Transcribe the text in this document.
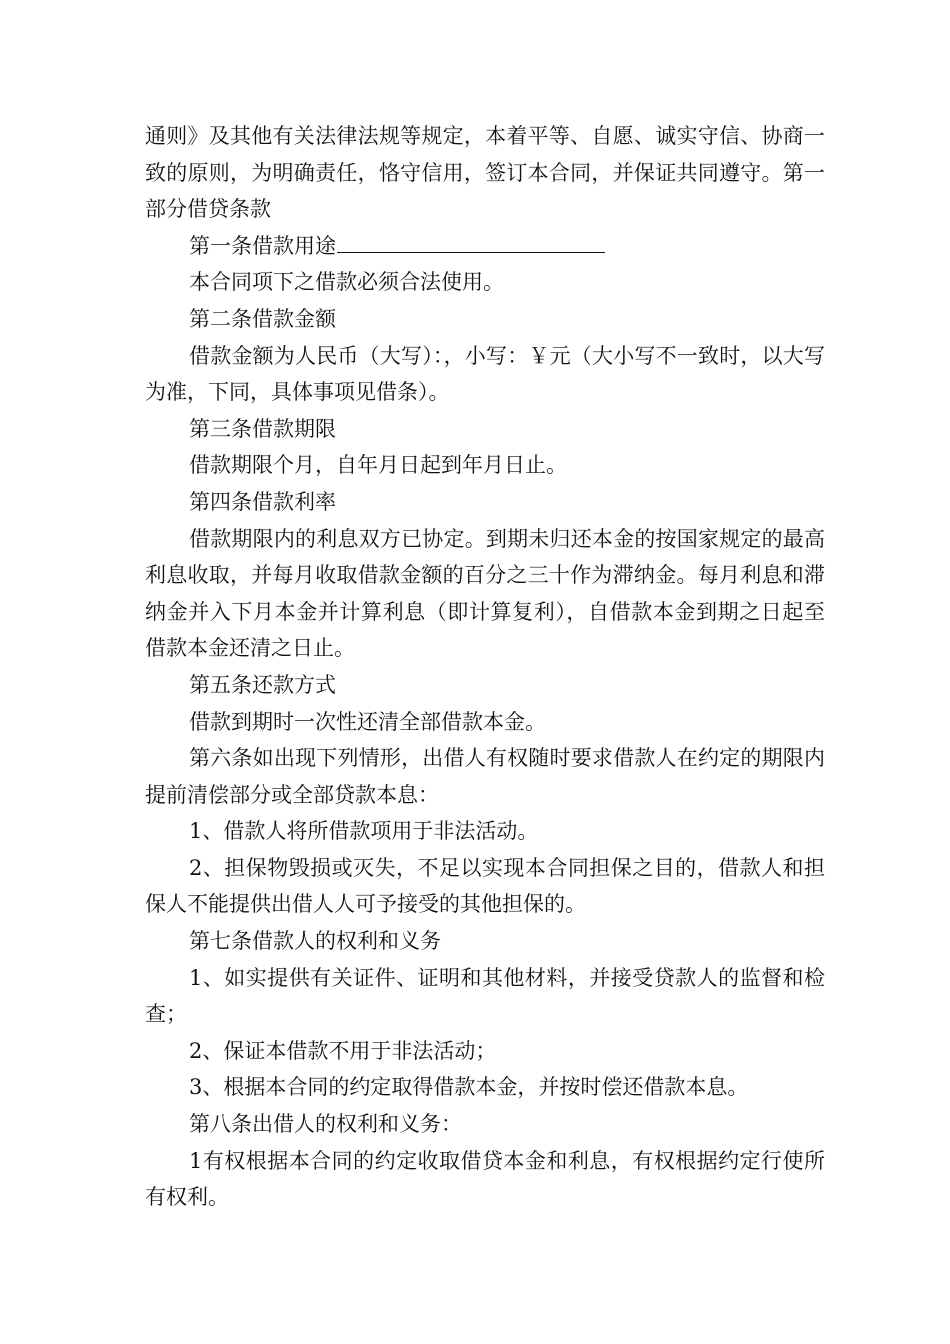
通则》及其他有关法律法规等规定，本着平等、自愿、诚实守信、协商一致的原则，为明确责任，恪守信用，签订本合同，并保证共同遵守。第一部分借贷条款

第一条借款用途

本合同项下之借款必须合法使用。

第二条借款金额

借款金额为人民币（大写）：，小写：￥元（大小写不一致时，以大写为准，下同，具体事项见借条）。

第三条借款期限

借款期限个月，自年月日起到年月日止。

第四条借款利率

借款期限内的利息双方已协定。到期未归还本金的按国家规定的最高利息收取，并每月收取借款金额的百分之三十作为滞纳金。每月利息和滞纳金并入下月本金并计算利息（即计算复利），自借款本金到期之日起至借款本金还清之日止。

第五条还款方式

借款到期时一次性还清全部借款本金。

第六条如出现下列情形，出借人有权随时要求借款人在约定的期限内提前清偿部分或全部贷款本息：

1、借款人将所借款项用于非法活动。

2、担保物毁损或灭失，不足以实现本合同担保之目的，借款人和担保人不能提供出借人人可予接受的其他担保的。

第七条借款人的权利和义务

1、如实提供有关证件、证明和其他材料，并接受贷款人的监督和检查；

2、保证本借款不用于非法活动；

3、根据本合同的约定取得借款本金，并按时偿还借款本息。

第八条出借人的权利和义务：

1有权根据本合同的约定收取借贷本金和利息，有权根据约定行使所有权利。
